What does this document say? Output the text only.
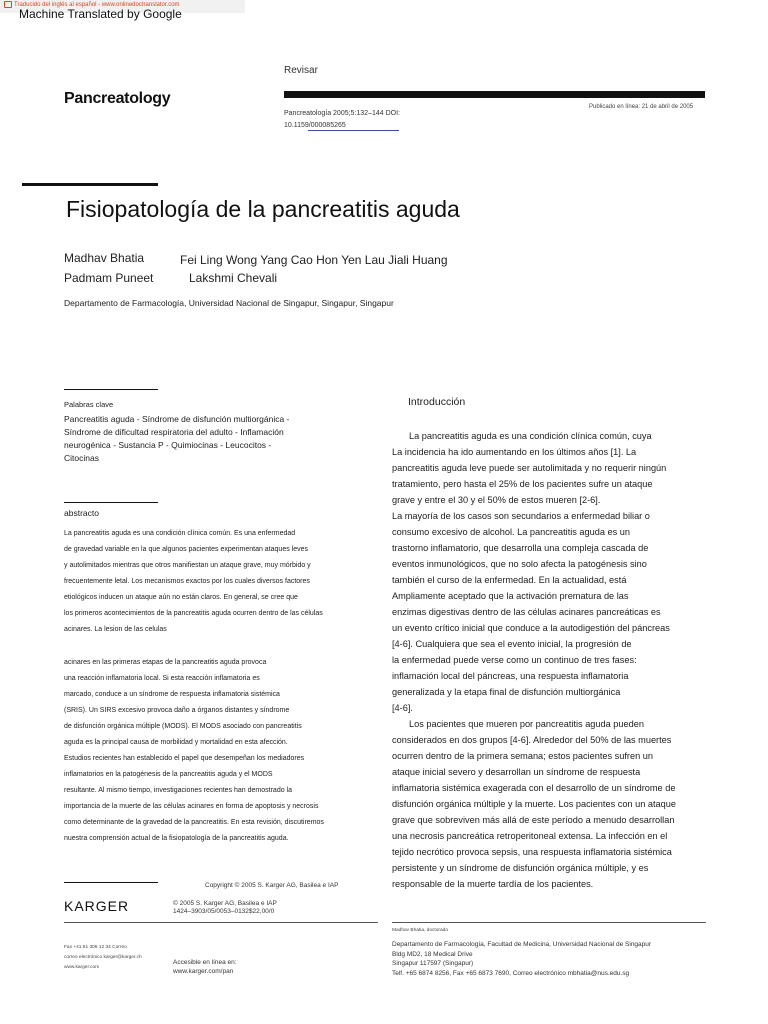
Traducido del inglés al español - www.onlinedoctranslator.com
Machine Translated by Google
Revisar
Pancreatology
Pancreatología 2005;5:132–144 DOI:
10.1159/000085265
Publicado en línea: 21 de abril de 2005
Fisiopatología de la pancreatitis aguda
Madhav Bhatia	Fei Ling Wong Yang Cao Hon Yen Lau Jiali Huang
Padmam Puneet	Lakshmi Chevali
Departamento de Farmacología, Universidad Nacional de Singapur, Singapur, Singapur
Palabras clave
Pancreatitis aguda - Síndrome de disfunción multiorgánica -
Síndrome de dificultad respiratoria del adulto - Inflamación
neurogénica - Sustancia P - Quimiocinas - Leucocitos -
Citocinas
abstracto
La pancreatitis aguda es una condición clínica común. Es una enfermedad
de gravedad variable en la que algunos pacientes experimentan ataques leves
y autolimitados mientras que otros manifiestan un ataque grave, muy mórbido y
frecuentemente letal. Los mecanismos exactos por los cuales diversos factores
etiológicos inducen un ataque aún no están claros. En general, se cree que
los primeros acontecimientos de la pancreatitis aguda ocurren dentro de las células
acinares. La lesion de las celulas
acinares en las primeras etapas de la pancreatitis aguda provoca
una reacción inflamatoria local. Si esta reacción inflamatoria es
marcado, conduce a un síndrome de respuesta inflamatoria sistémica
(SRIS). Un SIRS excesivo provoca daño a órganos distantes y síndrome
de disfunción orgánica múltiple (MODS). El MODS asociado con pancreatitis
aguda es la principal causa de morbilidad y mortalidad en esta afección.
Estudios recientes han establecido el papel que desempeñan los mediadores
inflamatorios en la patogénesis de la pancreatitis aguda y el MODS
resultante. Al mismo tiempo, investigaciones recientes han demostrado la
importancia de la muerte de las células acinares en forma de apoptosis y necrosis
como determinante de la gravedad de la pancreatitis. En esta revisión, discutiremos
nuestra comprensión actual de la fisiopatología de la pancreatitis aguda.
Copyright © 2005 S. Karger AG, Basilea e IAP
Introducción
La pancreatitis aguda es una condición clínica común, cuya
La incidencia ha ido aumentando en los últimos años [1]. La
pancreatitis aguda leve puede ser autolimitada y no requerir ningún
tratamiento, pero hasta el 25% de los pacientes sufre un ataque
grave y entre el 30 y el 50% de estos mueren [2-6].
La mayoría de los casos son secundarios a enfermedad biliar o
consumo excesivo de alcohol. La pancreatitis aguda es un
trastorno inflamatorio, que desarrolla una compleja cascada de
eventos inmunológicos, que no solo afecta la patogénesis sino
también el curso de la enfermedad. En la actualidad, está
Ampliamente aceptado que la activación prematura de las
enzimas digestivas dentro de las células acinares pancreáticas es
un evento crítico inicial que conduce a la autodigestión del páncreas
[4-6]. Cualquiera que sea el evento inicial, la progresión de
la enfermedad puede verse como un continuo de tres fases:
inflamación local del páncreas, una respuesta inflamatoria
generalizada y la etapa final de disfunción multiorgánica
[4-6].
Los pacientes que mueren por pancreatitis aguda pueden
considerados en dos grupos [4-6]. Alrededor del 50% de las muertes
ocurren dentro de la primera semana; estos pacientes sufren un
ataque inicial severo y desarrollan un síndrome de respuesta
inflamatoria sistémica exagerada con el desarrollo de un síndrome de
disfunción orgánica múltiple y la muerte. Los pacientes con un ataque
grave que sobreviven más allá de este período a menudo desarrollan
una necrosis pancreática retroperitoneal extensa. La infección en el
tejido necrótico provoca sepsis, una respuesta inflamatoria sistémica
persistente y un síndrome de disfunción orgánica múltiple, y es
responsable de la muerte tardía de los pacientes.
KARGER
Fax +41 61 306 12 34 Correo
correo electrónico karger@karger.ch
www.karger.com
© 2005 S. Karger AG, Basilea e IAP
1424–3903/05/0053–0132$22,00/0
Accesible en línea en:
www.karger.com/pan
Madhav Bhatia, doctorado
Departamento de Farmacología, Facultad de Medicina, Universidad Nacional de Singapur
Bldg MD2, 18 Medical Drive
Singapur 117597 (Singapur)
Telf. +65 6874 8256, Fax +65 6873 7690, Correo electrónico mbhatia@nus.edu.sg
